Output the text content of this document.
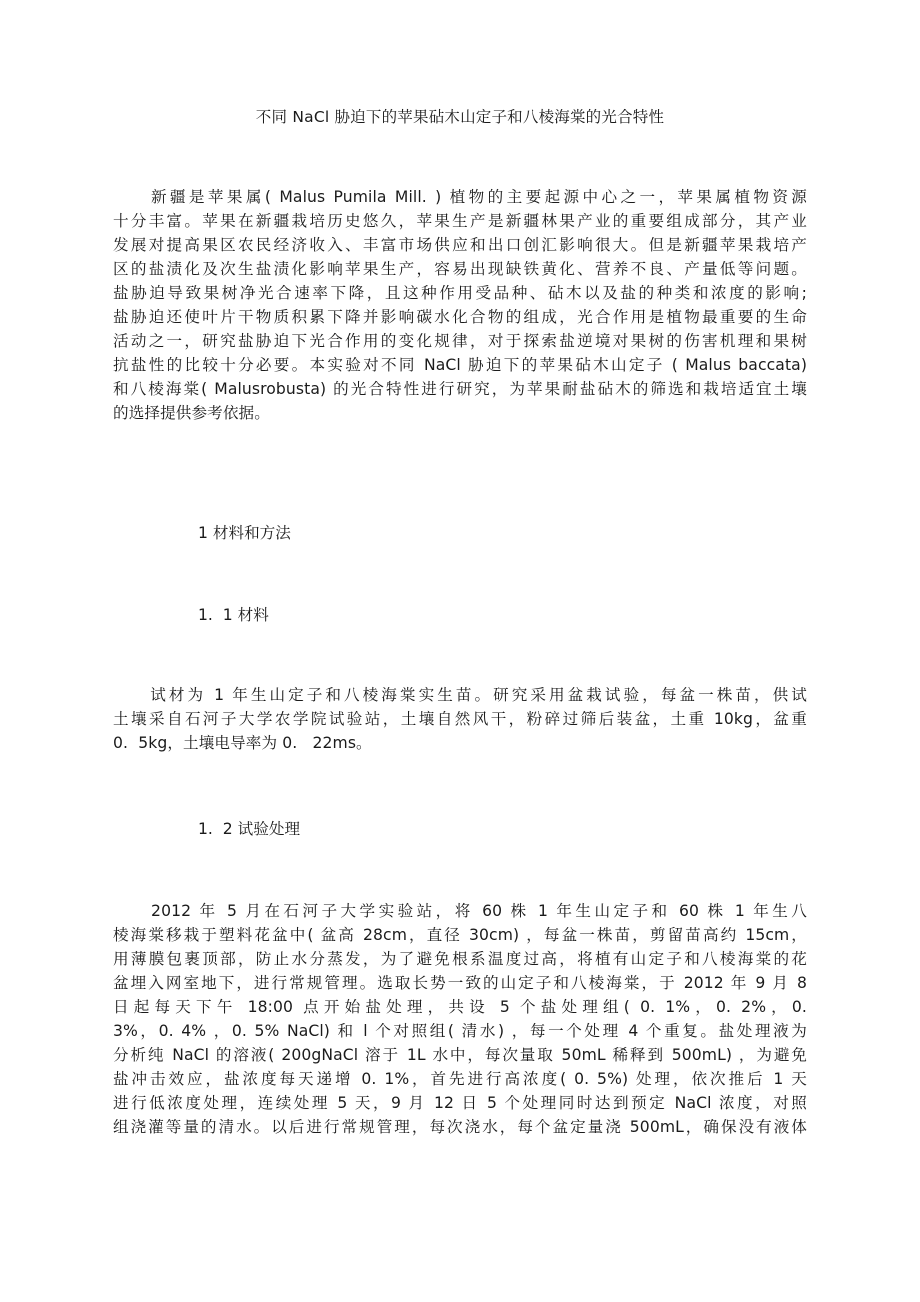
不同 NaCl 胁迫下的苹果砧木山定子和八棱海棠的光合特性
　　新疆是苹果属( Malus Pumila Mill. ) 植物的主要起源中心之一，苹果属植物资源
十分丰富。苹果在新疆栽培历史悠久，苹果生产是新疆林果产业的重要组成部分，其产业
发展对提高果区农民经济收入、丰富市场供应和出口创汇影响很大。但是新疆苹果栽培产
区的盐渍化及次生盐渍化影响苹果生产，容易出现缺铁黄化、营养不良、产量低等问题。
盐胁迫导致果树净光合速率下降，且这种作用受品种、砧木以及盐的种类和浓度的影响;
盐胁迫还使叶片干物质积累下降并影响碳水化合物的组成，光合作用是植物最重要的生命
活动之一，研究盐胁迫下光合作用的变化规律，对于探索盐逆境对果树的伤害机理和果树
抗盐性的比较十分必要。本实验对不同 NaCl 胁迫下的苹果砧木山定子 ( Malus baccata)
和八棱海棠( Malusrobusta) 的光合特性进行研究，为苹果耐盐砧木的筛选和栽培适宜土壤
的选择提供参考依据。
1 材料和方法
1.  1 材料
　　试材为 1 年生山定子和八棱海棠实生苗。研究采用盆栽试验，每盆一株苗，供试
土壤采自石河子大学农学院试验站，土壤自然风干，粉碎过筛后装盆，土重 10kg，盆重
0.  5kg，土壤电导率为 0.   22ms。
1.  2 试验处理
　　2012 年 5 月在石河子大学实验站，将 60 株 1 年生山定子和 60 株 1 年生八
棱海棠移栽于塑料花盆中( 盆高 28cm，直径 30cm) ，每盆一株苗，剪留苗高约 15cm，
用薄膜包裹顶部，防止水分蒸发，为了避免根系温度过高，将植有山定子和八棱海棠的花
盆埋入网室地下，进行常规管理。选取长势一致的山定子和八棱海棠，于 2012 年 9 月 8
日起每天下午 18:00 点开始盐处理，共设 5 个盐处理组( 0. 1%，0. 2%，0.
3%，0. 4% ，0. 5% NaCl) 和 l 个对照组( 清水) ，每一个处理 4 个重复。盐处理液为
分析纯 NaCl 的溶液( 200gNaCl 溶于 1L 水中，每次量取 50mL 稀释到 500mL) ，为避免
盐冲击效应，盐浓度每天递增 0. 1%，首先进行高浓度( 0. 5%) 处理，依次推后 1 天
进行低浓度处理，连续处理 5 天，9 月 12 日 5 个处理同时达到预定 NaCl 浓度，对照
组浇灌等量的清水。以后进行常规管理，每次浇水，每个盆定量浇 500mL，确保没有液体
